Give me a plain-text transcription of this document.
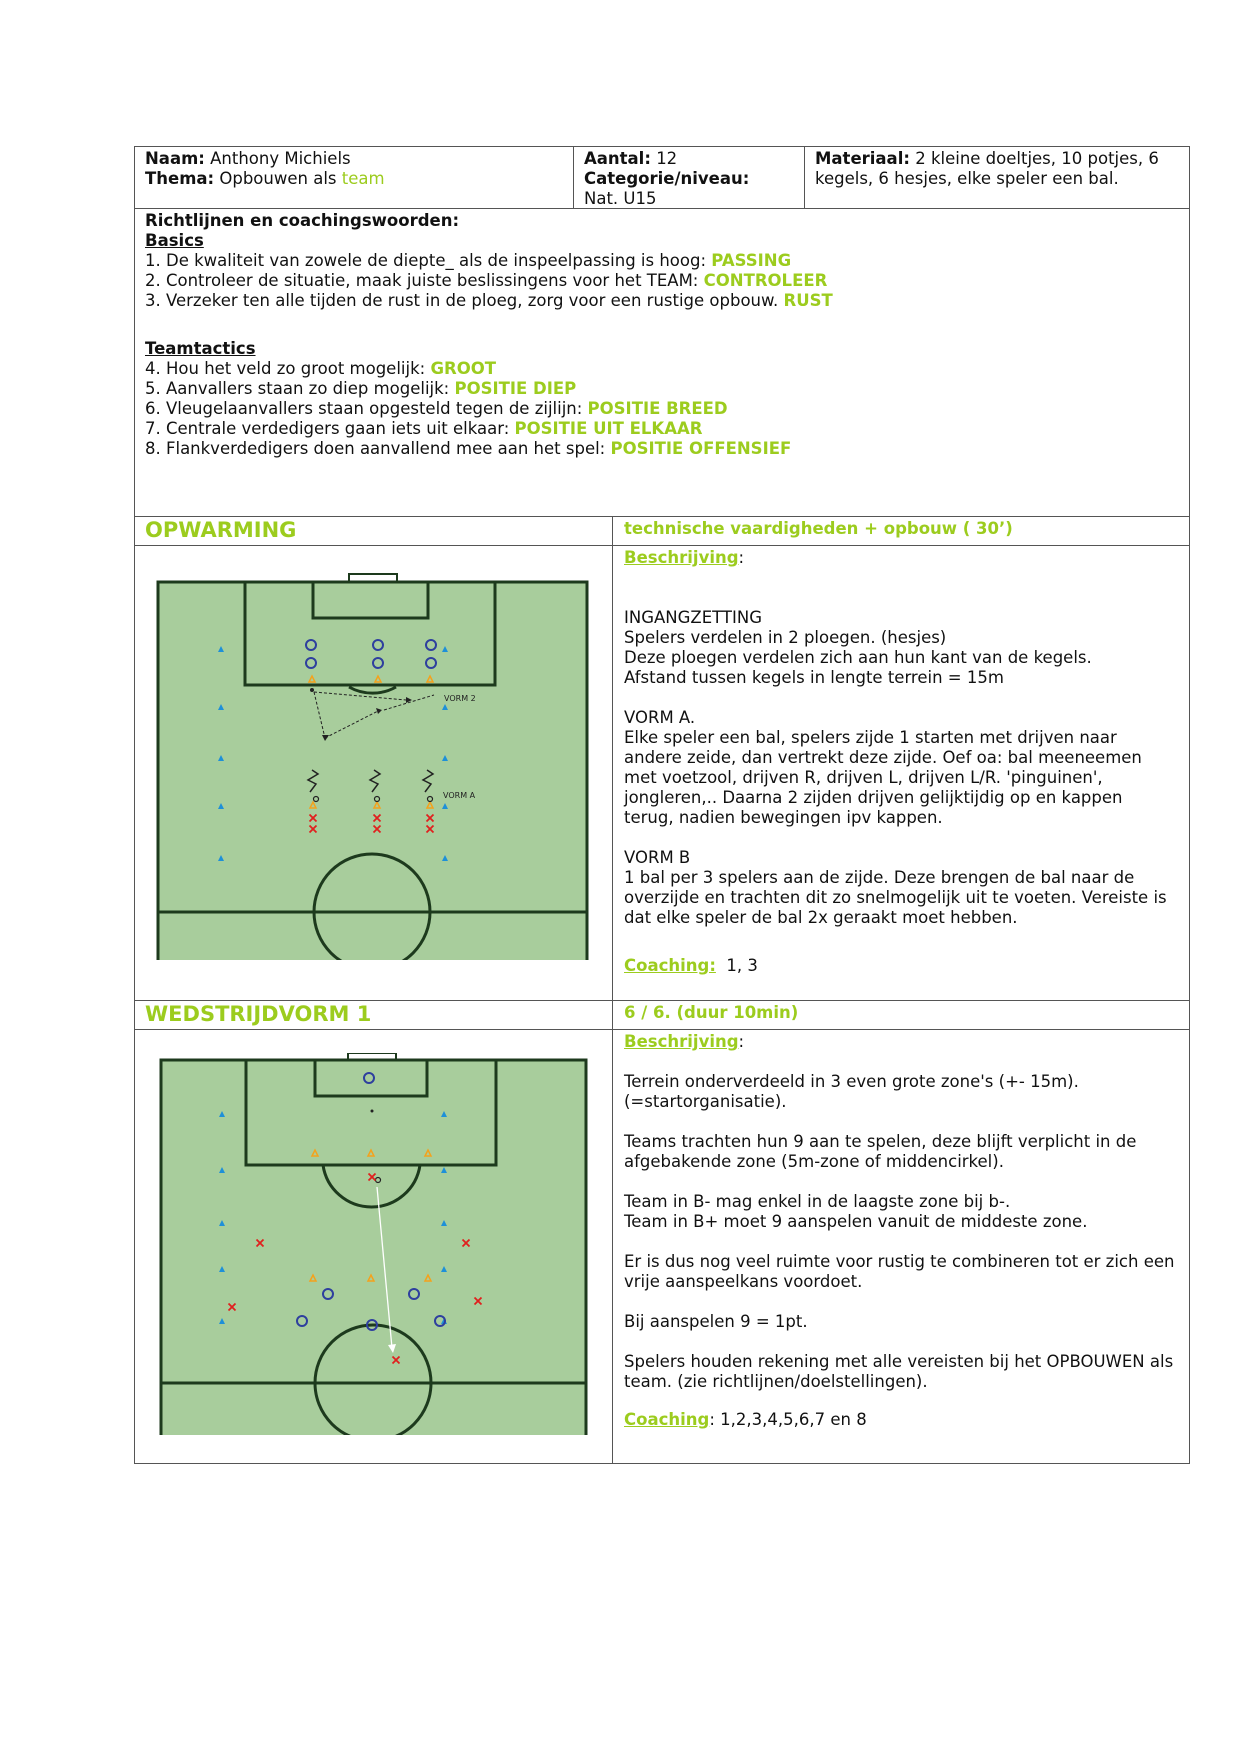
Naam: Anthony Michiels
Thema: Opbouwen als team
Aantal: 12
Categorie/niveau:
Nat. U15
Materiaal: 2 kleine doeltjes, 10 potjes, 6 kegels, 6 hesjes, elke speler een bal.
Richtlijnen en coachingswoorden:
Basics
1. De kwaliteit van zowele de diepte_ als de inspeelpassing is hoog: PASSING
2. Controleer de situatie, maak juiste beslissingens voor het TEAM: CONTROLEER
3. Verzeker ten alle tijden de rust in de ploeg, zorg voor een rustige opbouw. RUST
Teamtactics
4. Hou het veld zo groot mogelijk: GROOT
5. Aanvallers staan zo diep mogelijk: POSITIE DIEP
6. Vleugelaanvallers staan opgesteld tegen de zijlijn: POSITIE BREED
7. Centrale verdedigers gaan iets uit elkaar: POSITIE UIT ELKAAR
8. Flankverdedigers doen aanvallend mee aan het spel: POSITIE OFFENSIEF
OPWARMING	technische vaardigheden + opbouw ( 30’)
VORM 2
VORM A
Beschrijving:
INGANGZETTING
Spelers verdelen in 2 ploegen. (hesjes)
Deze ploegen verdelen zich aan hun kant van de kegels.
Afstand tussen kegels in lengte terrein = 15m
VORM A.
Elke speler een bal, spelers zijde 1 starten met drijven naar
andere zeide, dan vertrekt deze zijde. Oef oa: bal meeneemen
met voetzool, drijven R, drijven L, drijven L/R. 'pinguinen',
jongleren,.. Daarna 2 zijden drijven gelijktijdig op en kappen
terug, nadien bewegingen ipv kappen.
VORM B
1 bal per 3 spelers aan de zijde. Deze brengen de bal naar de
overzijde en trachten dit zo snelmogelijk uit te voeten. Vereiste is
dat elke speler de bal 2x geraakt moet hebben.
Coaching: 1, 3
WEDSTRIJDVORM 1	6 / 6. (duur 10min)
Beschrijving:
Terrein onderverdeeld in 3 even grote zone's (+- 15m).
(=startorganisatie).
Teams trachten hun 9 aan te spelen, deze blijft verplicht in de
afgebakende zone (5m-zone of middencirkel).
Team in B- mag enkel in de laagste zone bij b-.
Team in B+ moet 9 aanspelen vanuit de middeste zone.
Er is dus nog veel ruimte voor rustig te combineren tot er zich een
vrije aanspeelkans voordoet.
Bij aanspelen 9 = 1pt.
Spelers houden rekening met alle vereisten bij het OPBOUWEN als
team. (zie richtlijnen/doelstellingen).
Coaching: 1,2,3,4,5,6,7 en 8
